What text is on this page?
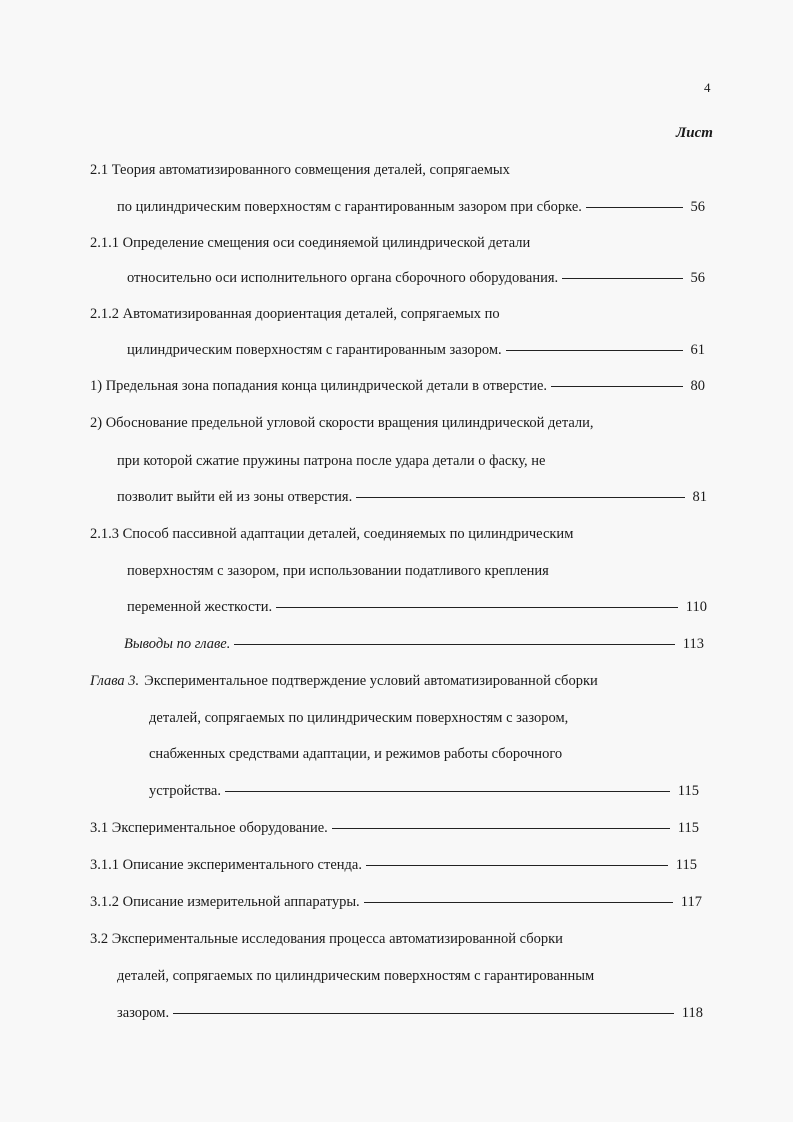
4
Лист
2.1 Теория автоматизированного совмещения деталей, сопрягаемых
по цилиндрическим поверхностям с гарантированным зазором при сборке.	56
2.1.1 Определение смещения оси соединяемой цилиндрической детали
относительно оси исполнительного органа сборочного оборудования.	56
2.1.2 Автоматизированная доориентация деталей, сопрягаемых по
цилиндрическим поверхностям с гарантированным зазором.	61
1) Предельная зона попадания конца цилиндрической детали в отверстие.	80
2) Обоснование предельной угловой скорости вращения цилиндрической детали,
при которой сжатие пружины патрона после удара детали о фаску, не
позволит выйти ей из зоны отверстия.	81
2.1.3 Способ пассивной адаптации деталей, соединяемых по цилиндрическим
поверхностям с зазором, при использовании податливого крепления
переменной жесткости.	110
Выводы по главе.	113
Глава 3. Экспериментальное подтверждение условий автоматизированной сборки
деталей, сопрягаемых по цилиндрическим поверхностям с зазором,
снабженных средствами адаптации, и режимов работы сборочного
устройства.	115
3.1 Экспериментальное оборудование.	115
3.1.1 Описание экспериментального стенда.	115
3.1.2 Описание измерительной аппаратуры.	117
3.2 Экспериментальные исследования процесса автоматизированной сборки
деталей, сопрягаемых по цилиндрическим поверхностям с гарантированным
зазором.	118
